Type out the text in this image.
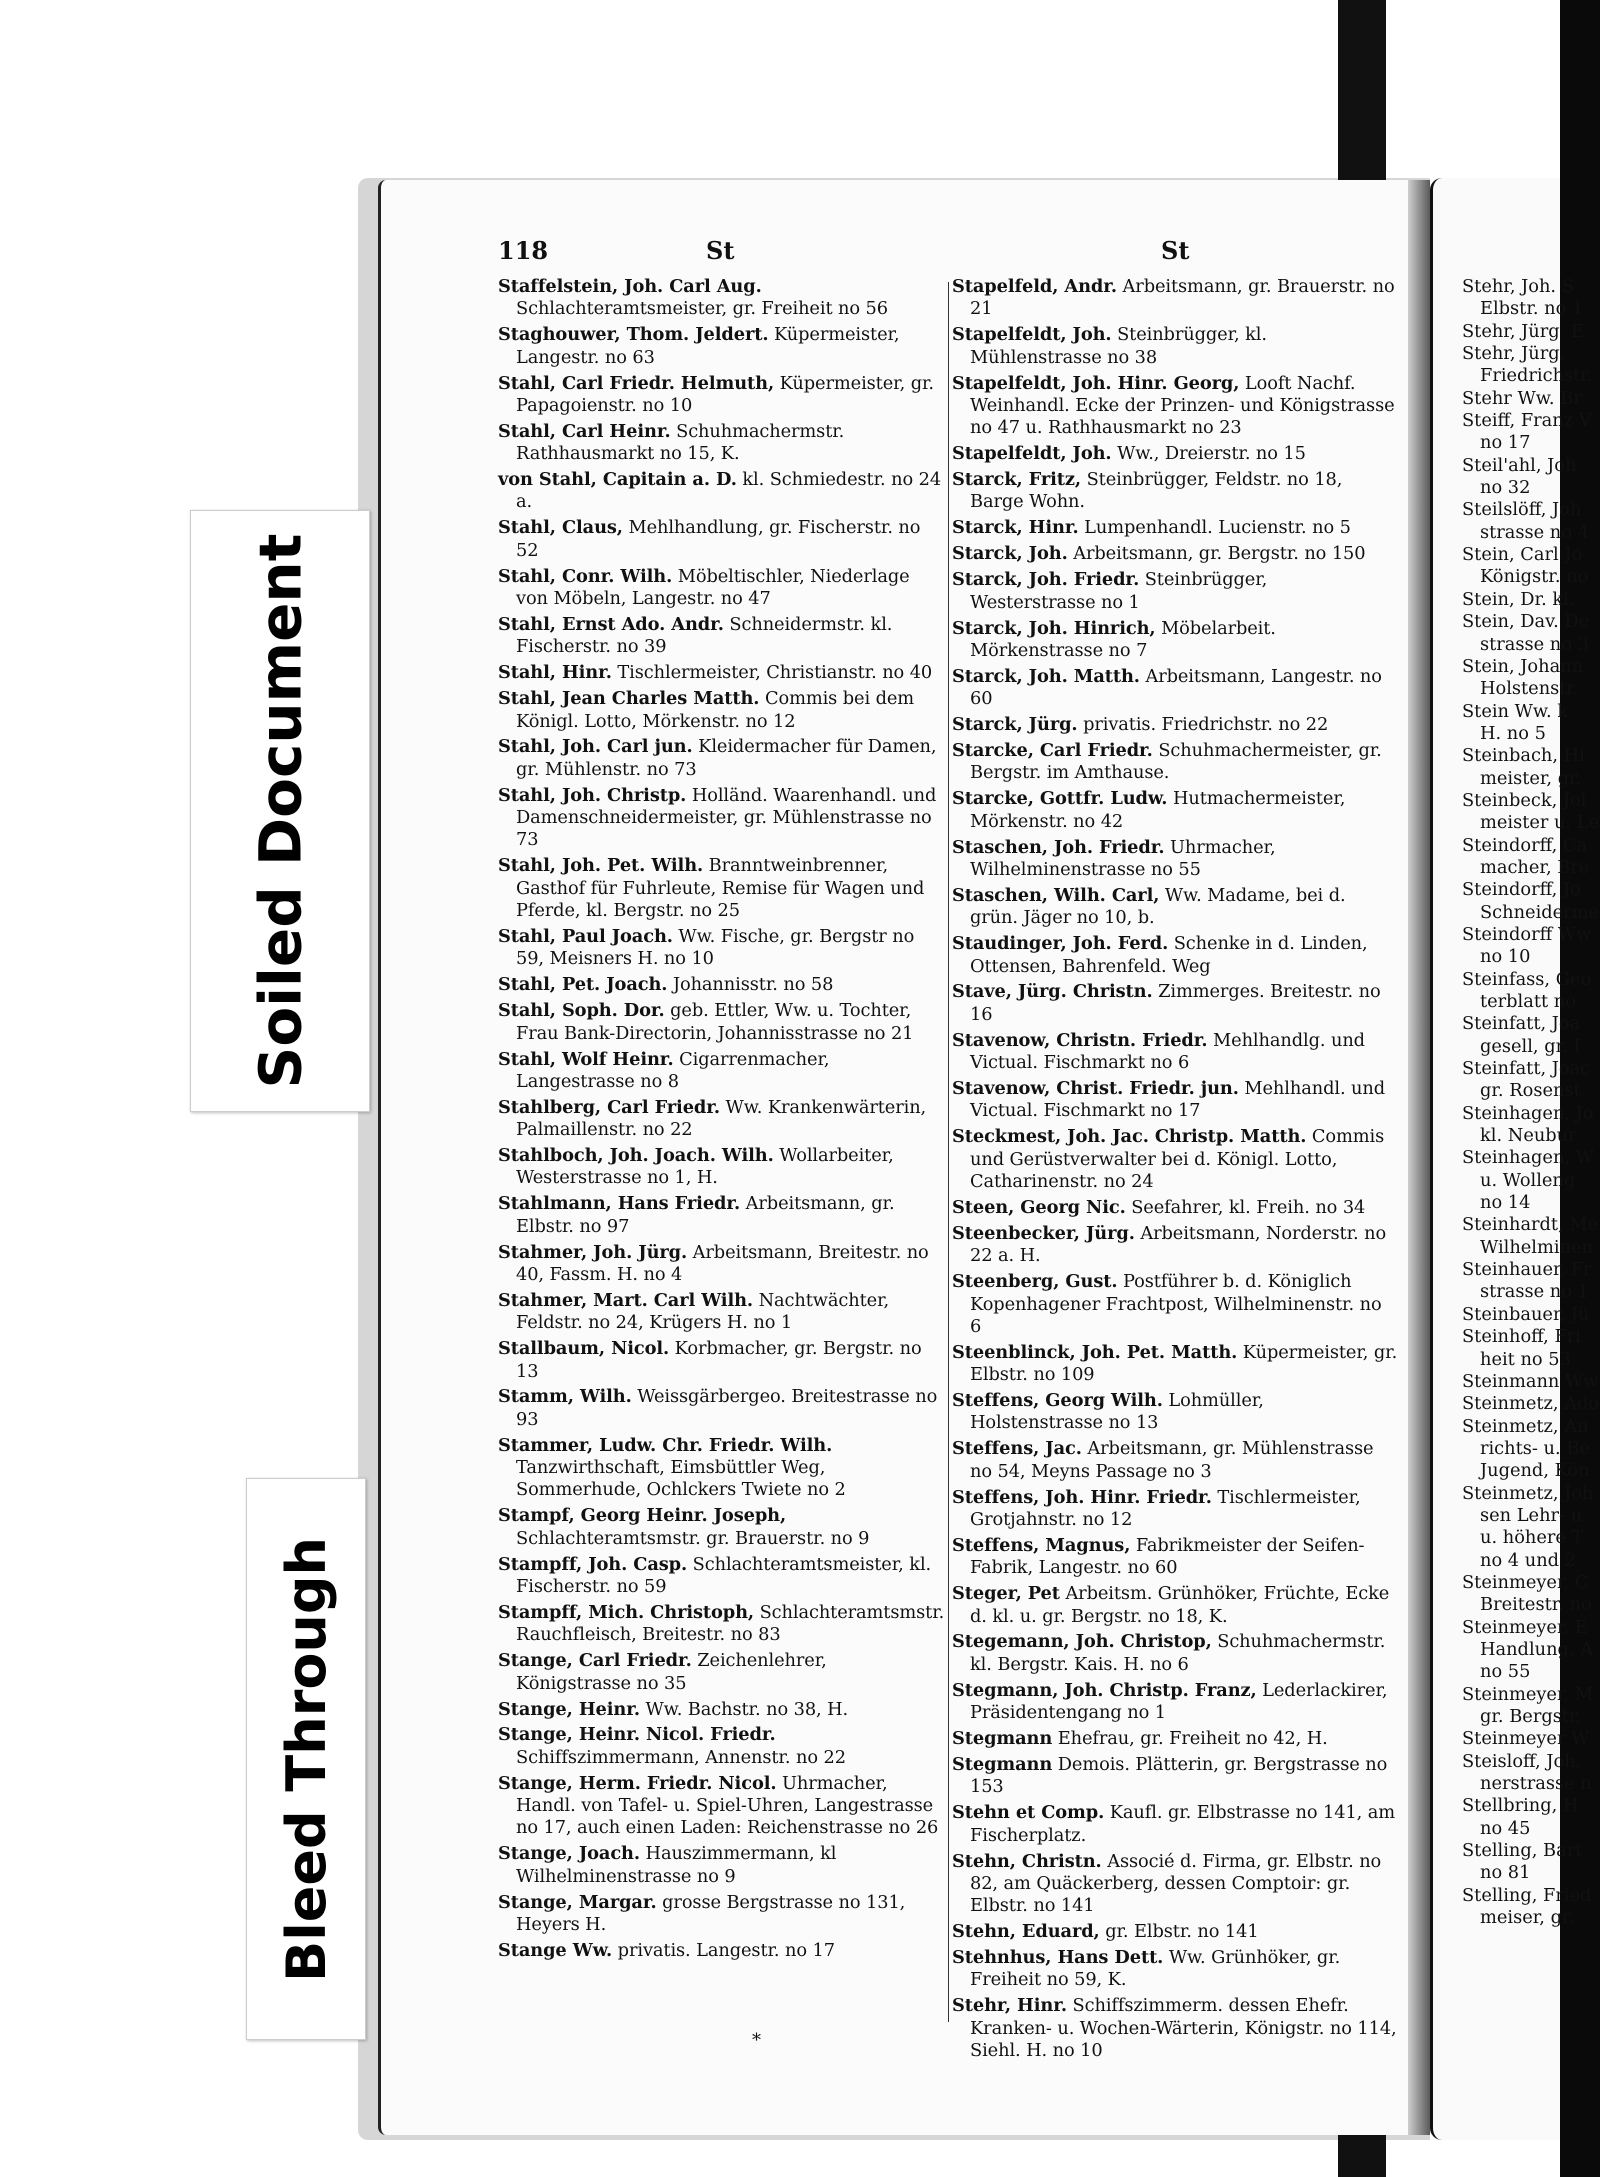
Soiled Document
Bleed Through
118	St	St
Staffelstein, Joh. Carl Aug. Schlachteramtsmeister, gr. Freiheit no 56
Staghouwer, Thom. Jeldert. Küpermeister, Langestr. no 63
Stahl, Carl Friedr. Helmuth, Küpermeister, gr. Papagoienstr. no 10
Stahl, Carl Heinr. Schuhmachermstr. Rathhausmarkt no 15, K.
von Stahl, Capitain a. D. kl. Schmiedestr. no 24 a.
Stahl, Claus, Mehlhandlung, gr. Fischerstr. no 52
Stahl, Conr. Wilh. Möbeltischler, Niederlage von Möbeln, Langestr. no 47
Stahl, Ernst Ado. Andr. Schneidermstr. kl. Fischerstr. no 39
Stahl, Hinr. Tischlermeister, Christianstr. no 40
Stahl, Jean Charles Matth. Commis bei dem Königl. Lotto, Mörkenstr. no 12
Stahl, Joh. Carl jun. Kleidermacher für Damen, gr. Mühlenstr. no 73
Stahl, Joh. Christp. Holländ. Waarenhandl. und Damenschneidermeister, gr. Mühlenstrasse no 73
Stahl, Joh. Pet. Wilh. Branntweinbrenner, Gasthof für Fuhrleute, Remise für Wagen und Pferde, kl. Bergstr. no 25
Stahl, Paul Joach. Ww. Fische, gr. Bergstr no 59, Meisners H. no 10
Stahl, Pet. Joach. Johannisstr. no 58
Stahl, Soph. Dor. geb. Ettler, Ww. u. Tochter, Frau Bank-Directorin, Johannisstrasse no 21
Stahl, Wolf Heinr. Cigarrenmacher, Langestrasse no 8
Stahlberg, Carl Friedr. Ww. Krankenwärterin, Palmaillenstr. no 22
Stahlboch, Joh. Joach. Wilh. Wollarbeiter, Westerstrasse no 1, H.
Stahlmann, Hans Friedr. Arbeitsmann, gr. Elbstr. no 97
Stahmer, Joh. Jürg. Arbeitsmann, Breitestr. no 40, Fassm. H. no 4
Stahmer, Mart. Carl Wilh. Nachtwächter, Feldstr. no 24, Krügers H. no 1
Stallbaum, Nicol. Korbmacher, gr. Bergstr. no 13
Stamm, Wilh. Weissgärbergeo. Breitestrasse no 93
Stammer, Ludw. Chr. Friedr. Wilh. Tanzwirthschaft, Eimsbüttler Weg, Sommerhude, Ochlckers Twiete no 2
Stampf, Georg Heinr. Joseph, Schlachteramtsmstr. gr. Brauerstr. no 9
Stampff, Joh. Casp. Schlachteramtsmeister, kl. Fischerstr. no 59
Stampff, Mich. Christoph, Schlachteramtsmstr. Rauchfleisch, Breitestr. no 83
Stange, Carl Friedr. Zeichenlehrer, Königstrasse no 35
Stange, Heinr. Ww. Bachstr. no 38, H.
Stange, Heinr. Nicol. Friedr. Schiffszimmermann, Annenstr. no 22
Stange, Herm. Friedr. Nicol. Uhrmacher, Handl. von Tafel- u. Spiel-Uhren, Langestrasse no 17, auch einen Laden: Reichenstrasse no 26
Stange, Joach. Hauszimmermann, kl Wilhelminenstrasse no 9
Stange, Margar. grosse Bergstrasse no 131, Heyers H.
Stange Ww. privatis. Langestr. no 17
Stapelfeld, Andr. Arbeitsmann, gr. Brauerstr. no 21
Stapelfeldt, Joh. Steinbrügger, kl. Mühlenstrasse no 38
Stapelfeldt, Joh. Hinr. Georg, Looft Nachf. Weinhandl. Ecke der Prinzen- und Königstrasse no 47 u. Rathhausmarkt no 23
Stapelfeldt, Joh. Ww., Dreierstr. no 15
Starck, Fritz, Steinbrügger, Feldstr. no 18, Barge Wohn.
Starck, Hinr. Lumpenhandl. Lucienstr. no 5
Starck, Joh. Arbeitsmann, gr. Bergstr. no 150
Starck, Joh. Friedr. Steinbrügger, Westerstrasse no 1
Starck, Joh. Hinrich, Möbelarbeit. Mörkenstrasse no 7
Starck, Joh. Matth. Arbeitsmann, Langestr. no 60
Starck, Jürg. privatis. Friedrichstr. no 22
Starcke, Carl Friedr. Schuhmachermeister, gr. Bergstr. im Amthause.
Starcke, Gottfr. Ludw. Hutmachermeister, Mörkenstr. no 42
Staschen, Joh. Friedr. Uhrmacher, Wilhelminenstrasse no 55
Staschen, Wilh. Carl, Ww. Madame, bei d. grün. Jäger no 10, b.
Staudinger, Joh. Ferd. Schenke in d. Linden, Ottensen, Bahrenfeld. Weg
Stave, Jürg. Christn. Zimmerges. Breitestr. no 16
Stavenow, Christn. Friedr. Mehlhandlg. und Victual. Fischmarkt no 6
Stavenow, Christ. Friedr. jun. Mehlhandl. und Victual. Fischmarkt no 17
Steckmest, Joh. Jac. Christp. Matth. Commis und Gerüstverwalter bei d. Königl. Lotto, Catharinenstr. no 24
Steen, Georg Nic. Seefahrer, kl. Freih. no 34
Steenbecker, Jürg. Arbeitsmann, Norderstr. no 22 a. H.
Steenberg, Gust. Postführer b. d. Königlich Kopenhagener Frachtpost, Wilhelminenstr. no 6
Steenblinck, Joh. Pet. Matth. Küpermeister, gr. Elbstr. no 109
Steffens, Georg Wilh. Lohmüller, Holstenstrasse no 13
Steffens, Jac. Arbeitsmann, gr. Mühlenstrasse no 54, Meyns Passage no 3
Steffens, Joh. Hinr. Friedr. Tischlermeister, Grotjahnstr. no 12
Steffens, Magnus, Fabrikmeister der Seifen-Fabrik, Langestr. no 60
Steger, Pet Arbeitsm. Grünhöker, Früchte, Ecke d. kl. u. gr. Bergstr. no 18, K.
Stegemann, Joh. Christop, Schuhmachermstr. kl. Bergstr. Kais. H. no 6
Stegmann, Joh. Christp. Franz, Lederlackirer, Präsidentengang no 1
Stegmann Ehefrau, gr. Freiheit no 42, H.
Stegmann Demois. Plätterin, gr. Bergstrasse no 153
Stehn et Comp. Kaufl. gr. Elbstrasse no 141, am Fischerplatz.
Stehn, Christn. Associé d. Firma, gr. Elbstr. no 82, am Quäckerberg, dessen Comptoir: gr. Elbstr. no 141
Stehn, Eduard, gr. Elbstr. no 141
Stehnhus, Hans Dett. Ww. Grünhöker, gr. Freiheit no 59, K.
Stehr, Hinr. Schiffszimmerm. dessen Ehefr. Kranken- u. Wochen-Wärterin, Königstr. no 114, Siehl. H. no 10
Stehr, Joh. S
Elbstr. no 1
Stehr, Jürg. E
Stehr, Jürg.
Friedrichstr.
Stehr Ww. Br
Steiff, Franz V
no 17
Steil'ahl, Joh
no 32
Steilslöff, Joh
strasse no 4
Stein, Carl Jo
Königstr. no
Stein, Dr. kl.
Stein, Dav. De
strasse no 3
Stein, Johann
Holstenstr.
Stein Ww. k
H. no 5
Steinbach, Hi
meister, gr.
Steinbeck, Jol
meister u. Le
Steindorff, Ca
macher, Bre
Steindorff, Jo
Schneiderme
Steindorff Ww
no 10
Steinfass, Geo
terblatt no
Steinfatt, Joa
gesell, gr. I
Steinfatt, Joac
gr. Rosenst
Steinhagen, Jo
kl. Neubur
Steinhagen, W
u. Wolleng
no 14
Steinhardt, Me
Wilhelminen
Steinhauer, Fr
strasse no 1
Steinbauer, Jü
Steinhoff, Fri
heit no 53
Steinmann Ww
Steinmetz, Ado
Steinmetz, An
richts- u. Be
Jugend, Kön
Steinmetz, Joh
sen Lehr- u
u. höhere T
no 4 und 2
Steinmeyer, C
Breitestr. no
Steinmeyer, E
Handlung, A
no 55
Steinmeyer, M
gr. Bergstr.
Steinmeyer W
Steisloff, Joh.
nerstrasse n
Stellbring, H
no 45
Stelling, Bart
no 81
Stelling, Fried
meiser, gr.
*
